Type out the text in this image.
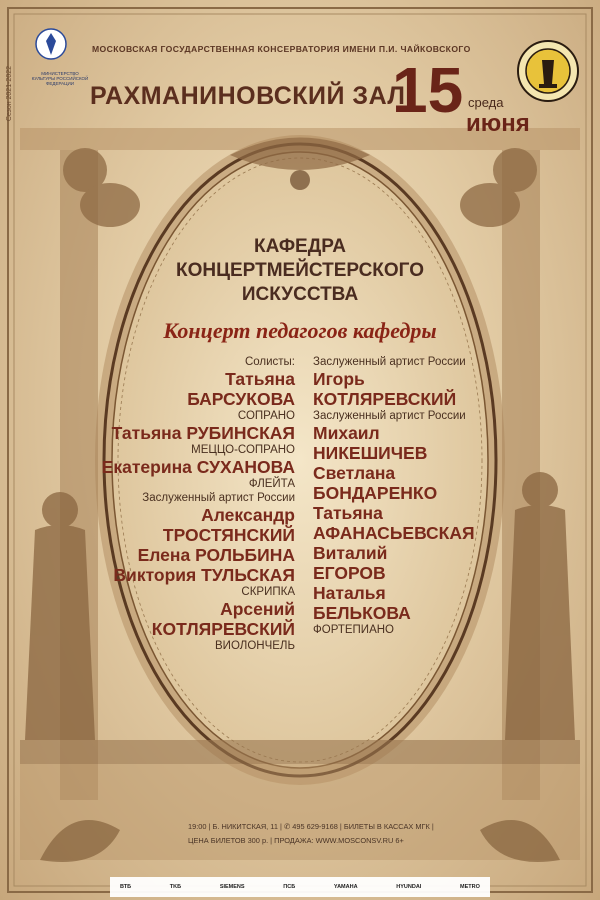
МИНИСТЕРСТВО КУЛЬТУРЫ РОССИЙСКОЙ ФЕДЕРАЦИИ
Сезон 2021-2022
МОСКОВСКАЯ ГОСУДАРСТВЕННАЯ КОНСЕРВАТОРИЯ ИМЕНИ П.И. ЧАЙКОВСКОГО
РАХМАНИНОВСКИЙ ЗАЛ
15 среда
июня
КАФЕДРА
КОНЦЕРТМЕЙСТЕРСКОГО
ИСКУССТВА
Концерт педагогов кафедры
Солисты:
Татьяна
БАРСУКОВА
СОПРАНО
Татьяна РУБИНСКАЯ
МЕЦЦО-СОПРАНО
Екатерина СУХАНОВА
ФЛЕЙТА
Заслуженный артист России
Александр
ТРОСТЯНСКИЙ
Елена РОЛЬБИНА
Виктория ТУЛЬСКАЯ
СКРИПКА
Арсений
КОТЛЯРЕВСКИЙ
ВИОЛОНЧЕЛЬ
Заслуженный артист России
Игорь
КОТЛЯРЕВСКИЙ
Заслуженный артист России
Михаил
НИКЕШИЧЕВ
Светлана
БОНДАРЕНКО
Татьяна
АФАНАСЬЕВСКАЯ
Виталий
ЕГОРОВ
Наталья
БЕЛЬКОВА
ФОРТЕПИАНО
19:00 | Б. НИКИТСКАЯ, 11 | ✆ 495 629-9168 | БИЛЕТЫ В КАССАХ МГК |
ЦЕНА БИЛЕТОВ 300 р. | ПРОДАЖА: WWW.MOSCONSV.RU 6+
ВТБ	TKБ	SIEMENS	ПСБ	YAMAHA	HYUNDAI	METRO
